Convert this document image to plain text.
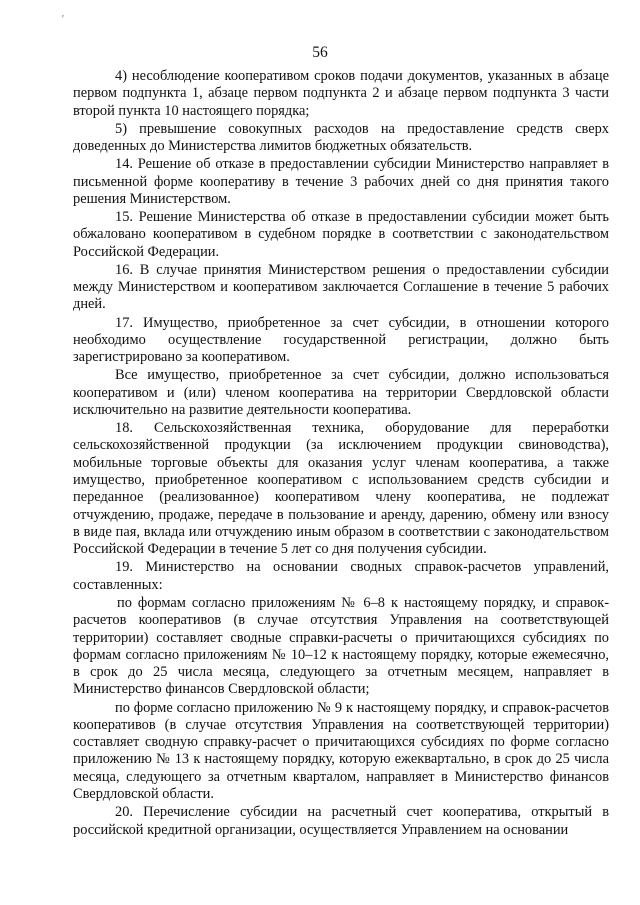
'
56

4) несоблюдение кооперативом сроков подачи документов, указанных в абзаце первом подпункта 1, абзаце первом подпункта 2 и абзаце первом подпункта 3 части второй пункта 10 настоящего порядка;

5) превышение совокупных расходов на предоставление средств сверх доведенных до Министерства лимитов бюджетных обязательств.

14. Решение об отказе в предоставлении субсидии Министерство направляет в письменной форме кооперативу в течение 3 рабочих дней со дня принятия такого решения Министерством.

15. Решение Министерства об отказе в предоставлении субсидии может быть обжаловано кооперативом в судебном порядке в соответствии с законодательством Российской Федерации.

16. В случае принятия Министерством решения о предоставлении субсидии между Министерством и кооперативом заключается Соглашение в течение 5 рабочих дней.

17. Имущество, приобретенное за счет субсидии, в отношении которого необходимо осуществление государственной регистрации, должно быть зарегистрировано за кооперативом.

Все имущество, приобретенное за счет субсидии, должно использоваться кооперативом и (или) членом кооператива на территории Свердловской области исключительно на развитие деятельности кооператива.

18. Сельскохозяйственная техника, оборудование для переработки сельскохозяйственной продукции (за исключением продукции свиноводства), мобильные торговые объекты для оказания услуг членам кооператива, а также имущество, приобретенное кооперативом с использованием средств субсидии и переданное (реализованное) кооперативом члену кооператива, не подлежат отчуждению, продаже, передаче в пользование и аренду, дарению, обмену или взносу в виде пая, вклада или отчуждению иным образом в соответствии с законодательством Российской Федерации в течение 5 лет со дня получения субсидии.

19. Министерство на основании сводных справок-расчетов управлений, составленных:

по формам согласно приложениям № 6–8 к настоящему порядку, и справок-расчетов кооперативов (в случае отсутствия Управления на соответствующей территории) составляет сводные справки-расчеты о причитающихся субсидиях по формам согласно приложениям № 10–12 к настоящему порядку, которые ежемесячно, в срок до 25 числа месяца, следующего за отчетным месяцем, направляет в Министерство финансов Свердловской области;

по форме согласно приложению № 9 к настоящему порядку, и справок-расчетов кооперативов (в случае отсутствия Управления на соответствующей территории) составляет сводную справку-расчет о причитающихся субсидиях по форме согласно приложению № 13 к настоящему порядку, которую ежеквартально, в срок до 25 числа месяца, следующего за отчетным кварталом, направляет в Министерство финансов Свердловской области.

20. Перечисление субсидии на расчетный счет кооператива, открытый в российской кредитной организации, осуществляется Управлением на основании
